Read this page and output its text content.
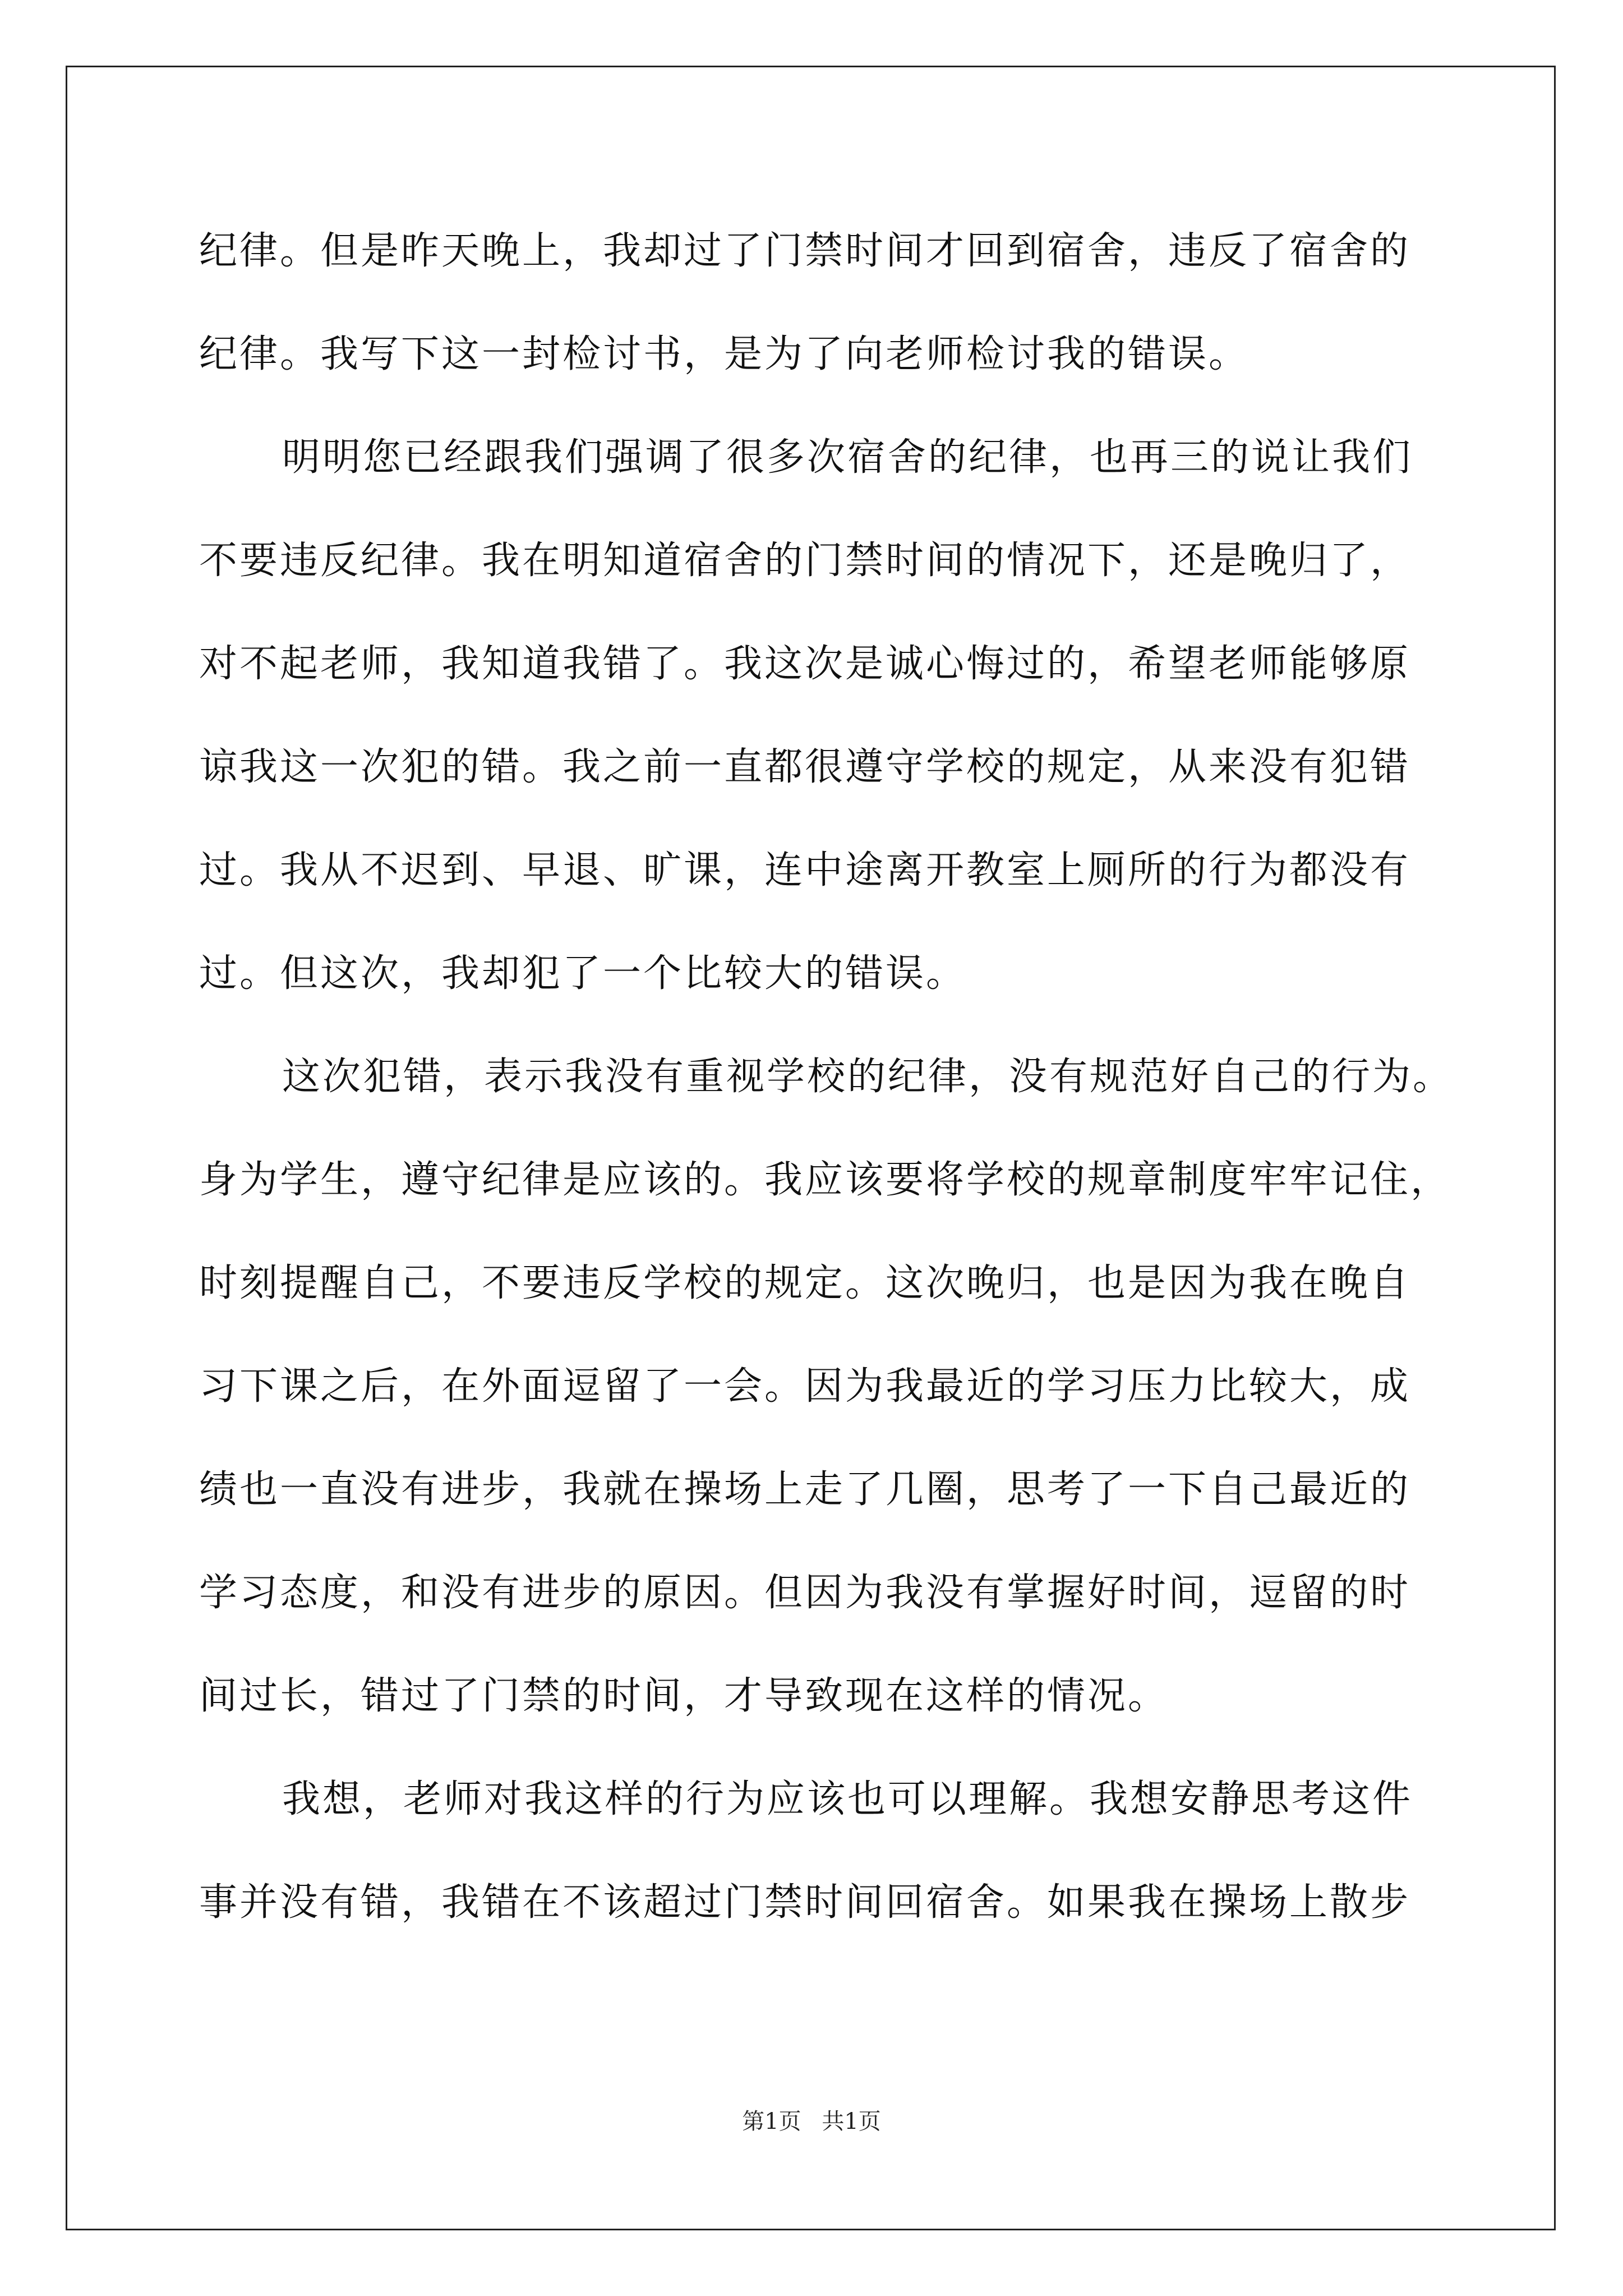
纪律。但是昨天晚上，我却过了门禁时间才回到宿舍，违反了宿舍的
纪律。我写下这一封检讨书，是为了向老师检讨我的错误。
明明您已经跟我们强调了很多次宿舍的纪律，也再三的说让我们
不要违反纪律。我在明知道宿舍的门禁时间的情况下，还是晚归了，
对不起老师，我知道我错了。我这次是诚心悔过的，希望老师能够原
谅我这一次犯的错。我之前一直都很遵守学校的规定，从来没有犯错
过。我从不迟到、早退、旷课，连中途离开教室上厕所的行为都没有
过。但这次，我却犯了一个比较大的错误。
这次犯错，表示我没有重视学校的纪律，没有规范好自己的行为。
身为学生，遵守纪律是应该的。我应该要将学校的规章制度牢牢记住，
时刻提醒自己，不要违反学校的规定。这次晚归，也是因为我在晚自
习下课之后，在外面逗留了一会。因为我最近的学习压力比较大，成
绩也一直没有进步，我就在操场上走了几圈，思考了一下自己最近的
学习态度，和没有进步的原因。但因为我没有掌握好时间，逗留的时
间过长，错过了门禁的时间，才导致现在这样的情况。
我想，老师对我这样的行为应该也可以理解。我想安静思考这件
事并没有错，我错在不该超过门禁时间回宿舍。如果我在操场上散步
第1页 共1页
